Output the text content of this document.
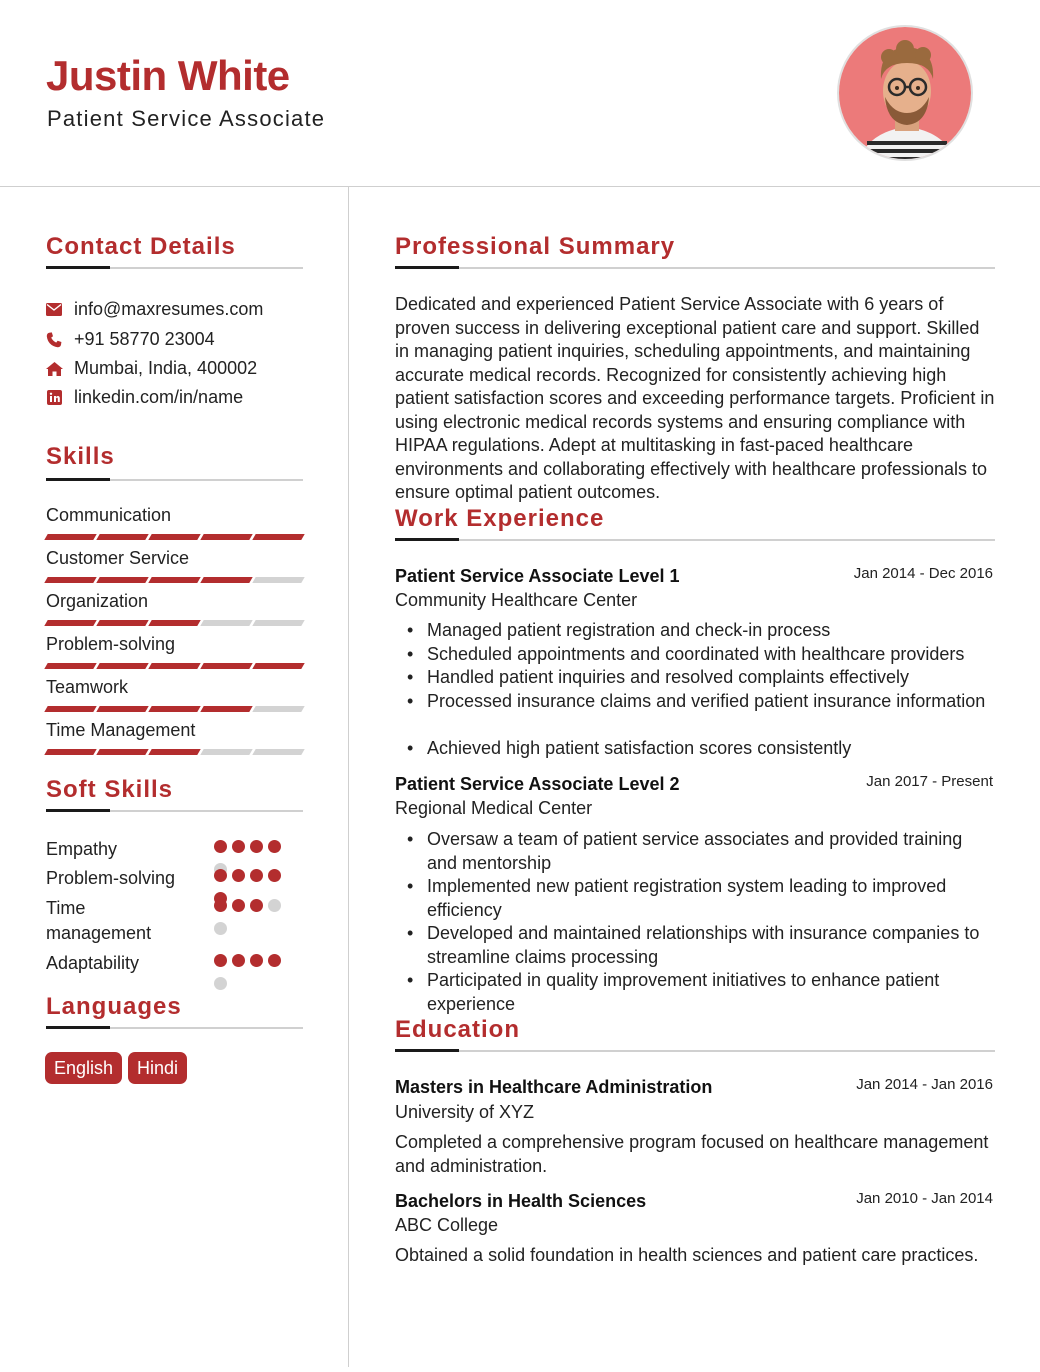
Justin White
Patient Service Associate
Contact Details
info@maxresumes.com
+91 58770 23004
Mumbai, India, 400002
linkedin.com/in/name
Skills
Communication
Customer Service
Organization
Problem-solving
Teamwork
Time Management
Soft Skills
Empathy
Problem-solving
Time management
Adaptability
Languages
English	Hindi
Professional Summary
Dedicated and experienced Patient Service Associate with 6 years of proven success in delivering exceptional patient care and support. Skilled in managing patient inquiries, scheduling appointments, and maintaining accurate medical records. Recognized for consistently achieving high patient satisfaction scores and exceeding performance targets. Proficient in using electronic medical records systems and ensuring compliance with HIPAA regulations. Adept at multitasking in fast-paced healthcare environments and collaborating effectively with healthcare professionals to ensure optimal patient outcomes.
Work Experience
Patient Service Associate Level 1	Jan 2014 - Dec 2016
Community Healthcare Center
• Managed patient registration and check-in process
• Scheduled appointments and coordinated with healthcare providers
• Handled patient inquiries and resolved complaints effectively
• Processed insurance claims and verified patient insurance information
• Achieved high patient satisfaction scores consistently
Patient Service Associate Level 2	Jan 2017 - Present
Regional Medical Center
• Oversaw a team of patient service associates and provided training and mentorship
• Implemented new patient registration system leading to improved efficiency
• Developed and maintained relationships with insurance companies to streamline claims processing
• Participated in quality improvement initiatives to enhance patient experience
Education
Masters in Healthcare Administration	Jan 2014 - Jan 2016
University of XYZ
Completed a comprehensive program focused on healthcare management and administration.
Bachelors in Health Sciences	Jan 2010 - Jan 2014
ABC College
Obtained a solid foundation in health sciences and patient care practices.
